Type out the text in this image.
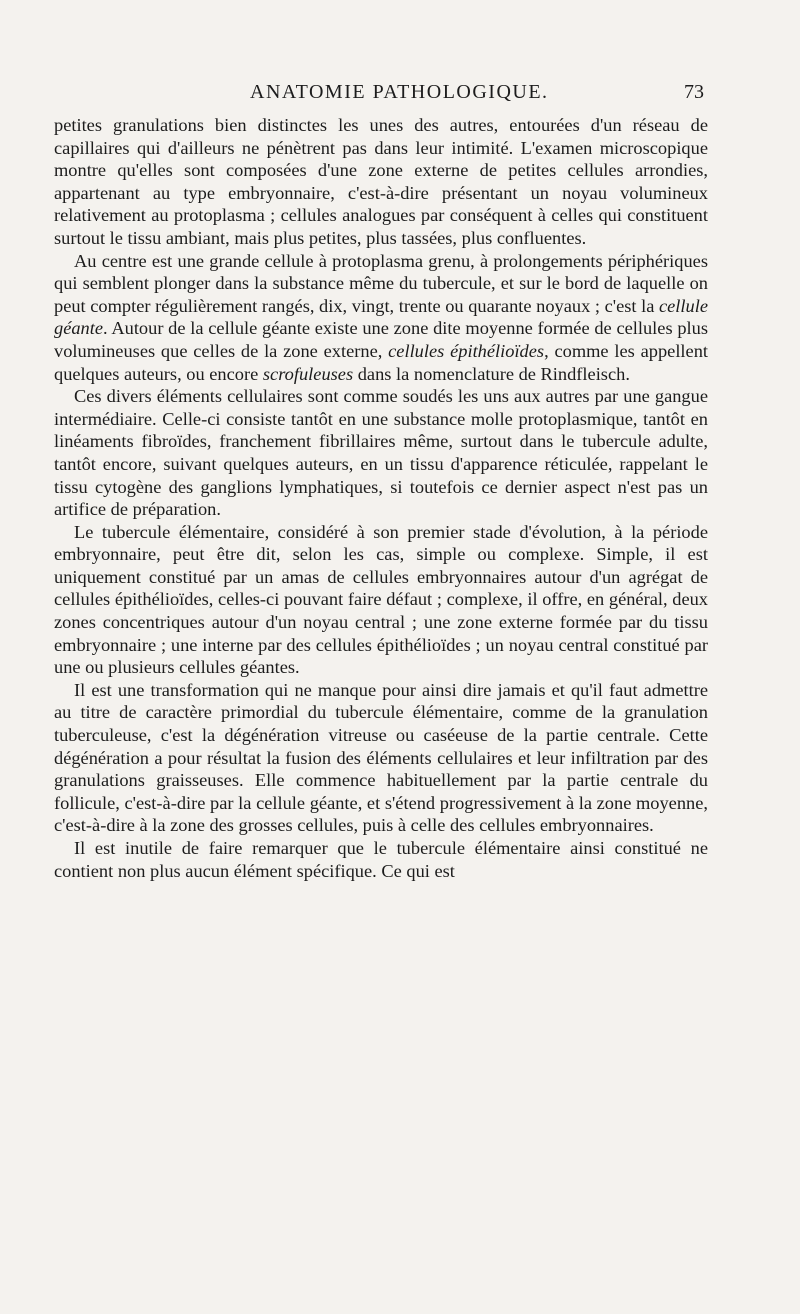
ANATOMIE PATHOLOGIQUE.	73

petites granulations bien distinctes les unes des autres, entourées d'un réseau de capillaires qui d'ailleurs ne pénètrent pas dans leur intimité. L'examen microscopique montre qu'elles sont composées d'une zone externe de petites cellules arrondies, appartenant au type embryonnaire, c'est-à-dire présentant un noyau volumineux relativement au protoplasma ; cellules analogues par conséquent à celles qui constituent surtout le tissu ambiant, mais plus petites, plus tassées, plus confluentes.

Au centre est une grande cellule à protoplasma grenu, à prolongements périphériques qui semblent plonger dans la substance même du tubercule, et sur le bord de laquelle on peut compter régulièrement rangés, dix, vingt, trente ou quarante noyaux ; c'est la cellule géante. Autour de la cellule géante existe une zone dite moyenne formée de cellules plus volumineuses que celles de la zone externe, cellules épithélioïdes, comme les appellent quelques auteurs, ou encore scrofuleuses dans la nomenclature de Rindfleisch.

Ces divers éléments cellulaires sont comme soudés les uns aux autres par une gangue intermédiaire. Celle-ci consiste tantôt en une substance molle protoplasmique, tantôt en linéaments fibroïdes, franchement fibrillaires même, surtout dans le tubercule adulte, tantôt encore, suivant quelques auteurs, en un tissu d'apparence réticulée, rappelant le tissu cytogène des ganglions lymphatiques, si toutefois ce dernier aspect n'est pas un artifice de préparation.

Le tubercule élémentaire, considéré à son premier stade d'évolution, à la période embryonnaire, peut être dit, selon les cas, simple ou complexe. Simple, il est uniquement constitué par un amas de cellules embryonnaires autour d'un agrégat de cellules épithélioïdes, celles-ci pouvant faire défaut ; complexe, il offre, en général, deux zones concentriques autour d'un noyau central ; une zone externe formée par du tissu embryonnaire ; une interne par des cellules épithélioïdes ; un noyau central constitué par une ou plusieurs cellules géantes.

Il est une transformation qui ne manque pour ainsi dire jamais et qu'il faut admettre au titre de caractère primordial du tubercule élémentaire, comme de la granulation tuberculeuse, c'est la dégénération vitreuse ou caséeuse de la partie centrale. Cette dégénération a pour résultat la fusion des éléments cellulaires et leur infiltration par des granulations graisseuses. Elle commence habituellement par la partie centrale du follicule, c'est-à-dire par la cellule géante, et s'étend progressivement à la zone moyenne, c'est-à-dire à la zone des grosses cellules, puis à celle des cellules embryonnaires.

Il est inutile de faire remarquer que le tubercule élémentaire ainsi constitué ne contient non plus aucun élément spécifique. Ce qui est
